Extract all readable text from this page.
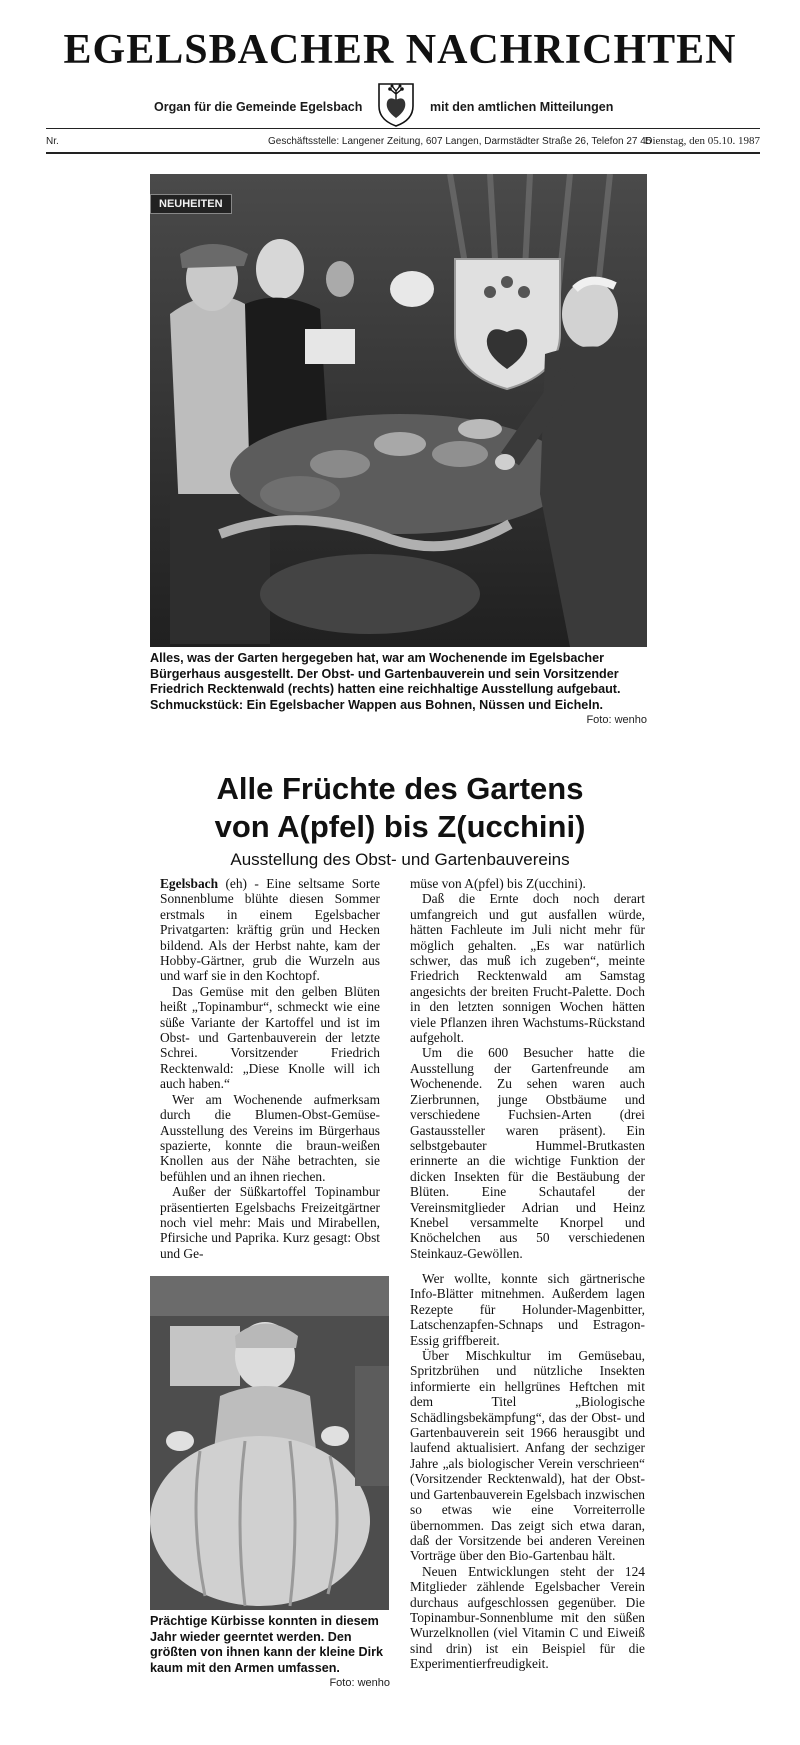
EGELSBACHER NACHRICHTEN
Organ für die Gemeinde Egelsbach	mit den amtlichen Mitteilungen
Nr.	Geschäftsstelle: Langener Zeitung, 607 Langen, Darmstädter Straße 26, Telefon 27 45
Dienstag, den 05.10. 1987
NEUHEITEN
Alles, was der Garten hergegeben hat, war am Wochenende im Egelsbacher Bürgerhaus ausgestellt. Der Obst- und Gartenbauverein und sein Vorsitzender Friedrich Recktenwald (rechts) hatten eine reichhaltige Ausstellung aufgebaut. Schmuckstück: Ein Egelsbacher Wappen aus Bohnen, Nüssen und Eicheln.
Foto: wenho
Alle Früchte des Gartens
von A(pfel) bis Z(ucchini)
Ausstellung des Obst- und Gartenbauvereins

Egelsbach (eh) - Eine seltsame Sorte Sonnenblume blühte diesen Sommer erstmals in einem Egelsbacher Privatgarten: kräftig grün und Hecken bildend. Als der Herbst nahte, kam der Hobby-Gärtner, grub die Wurzeln aus und warf sie in den Kochtopf.

Das Gemüse mit den gelben Blüten heißt „Topinambur“, schmeckt wie eine süße Variante der Kartoffel und ist im Obst- und Gartenbauverein der letzte Schrei. Vorsitzender Friedrich Recktenwald: „Diese Knolle will ich auch haben.“

Wer am Wochenende aufmerksam durch die Blumen-Obst-Gemüse-Ausstellung des Vereins im Bürgerhaus spazierte, konnte die braun-weißen Knollen aus der Nähe betrachten, sie befühlen und an ihnen riechen.

Außer der Süßkartoffel Topinambur präsentierten Egelsbachs Freizeitgärtner noch viel mehr: Mais und Mirabellen, Pfirsiche und Paprika. Kurz gesagt: Obst und Ge-

müse von A(pfel) bis Z(ucchini).

Daß die Ernte doch noch derart umfangreich und gut ausfallen würde, hätten Fachleute im Juli nicht mehr für möglich gehalten. „Es war natürlich schwer, das muß ich zugeben“, meinte Friedrich Recktenwald am Samstag angesichts der breiten Frucht-Palette. Doch in den letzten sonnigen Wochen hätten viele Pflanzen ihren Wachstums-Rückstand aufgeholt.

Um die 600 Besucher hatte die Ausstellung der Gartenfreunde am Wochenende. Zu sehen waren auch Zierbrunnen, junge Obstbäume und verschiedene Fuchsien-Arten (drei Gastaussteller waren präsent). Ein selbstgebauter Hummel-Brutkasten erinnerte an die wichtige Funktion der dicken Insekten für die Bestäubung der Blüten. Eine Schautafel der Vereinsmitglieder Adrian und Heinz Knebel versammelte Knorpel und Knöchelchen aus 50 verschiedenen Steinkauz-Gewöllen.

Wer wollte, konnte sich gärtnerische Info-Blätter mitnehmen. Außerdem lagen Rezepte für Holunder-Magenbitter, Latschenzapfen-Schnaps und Estragon-Essig griffbereit.

Über Mischkultur im Gemüsebau, Spritzbrühen und nützliche Insekten informierte ein hellgrünes Heftchen mit dem Titel „Biologische Schädlingsbekämpfung“, das der Obst- und Gartenbauverein seit 1966 herausgibt und laufend aktualisiert. Anfang der sechziger Jahre „als biologischer Verein verschrieen“ (Vorsitzender Recktenwald), hat der Obst- und Gartenbauverein Egelsbach inzwischen so etwas wie eine Vorreiterrolle übernommen. Das zeigt sich etwa daran, daß der Vorsitzende bei anderen Vereinen Vorträge über den Bio-Gartenbau hält.

Neuen Entwicklungen steht der 124 Mitglieder zählende Egelsbacher Verein durchaus aufgeschlossen gegenüber. Die Topinambur-Sonnenblume mit den süßen Wurzelknollen (viel Vitamin C und Eiweiß sind drin) ist ein Beispiel für die Experimentierfreudigkeit.

Prächtige Kürbisse konnten in diesem Jahr wieder geerntet werden. Den größten von ihnen kann der kleine Dirk kaum mit den Armen umfassen.
Foto: wenho
